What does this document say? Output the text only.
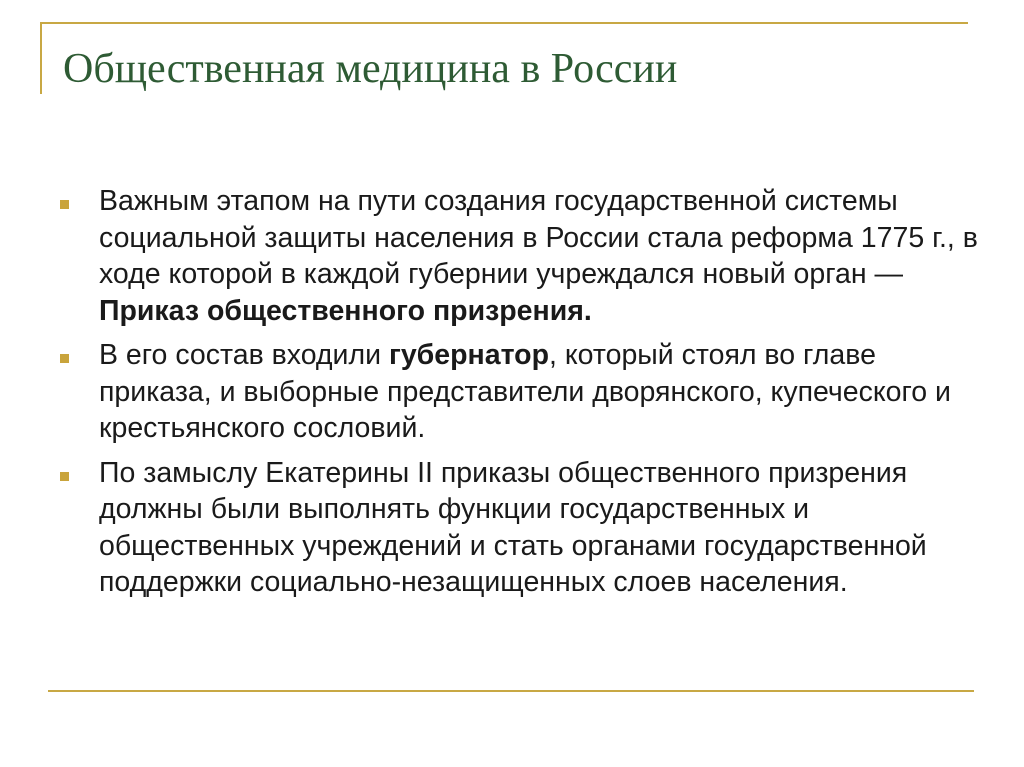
Общественная медицина в России
Важным этапом на пути создания государственной системы социальной защиты населения в России стала реформа 1775 г., в ходе которой в каждой губернии учреждался новый орган — Приказ общественного призрения.
В его состав входили губернатор, который стоял во главе приказа, и выборные представители дворянского, купеческого и крестьянского сословий.
По замыслу Екатерины II приказы общественного призрения должны были выполнять функции государственных и общественных учреждений и стать органами государственной поддержки социально-незащищенных слоев населения.
